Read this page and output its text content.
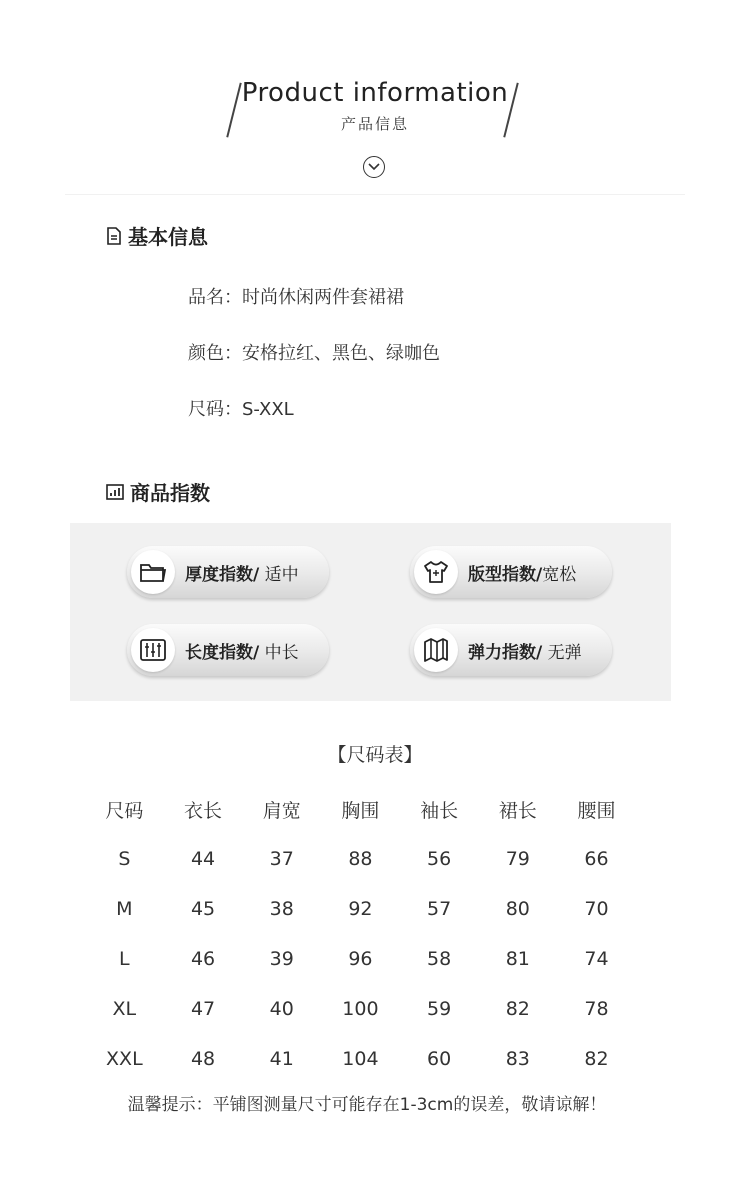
Product information
产品信息
基本信息
品名：时尚休闲两件套裙裙
颜色：安格拉红、黑色、绿咖色
尺码：S-XXL
商品指数
厚度指数/ 适中	版型指数/宽松
长度指数/ 中长	弹力指数/ 无弹
【尺码表】
尺码	衣长	肩宽	胸围	袖长	裙长	腰围
S	44	37	88	56	79	66
M	45	38	92	57	80	70
L	46	39	96	58	81	74
XL	47	40	100	59	82	78
XXL	48	41	104	60	83	82
温馨提示：平铺图测量尺寸可能存在1-3cm的误差，敬请谅解！
